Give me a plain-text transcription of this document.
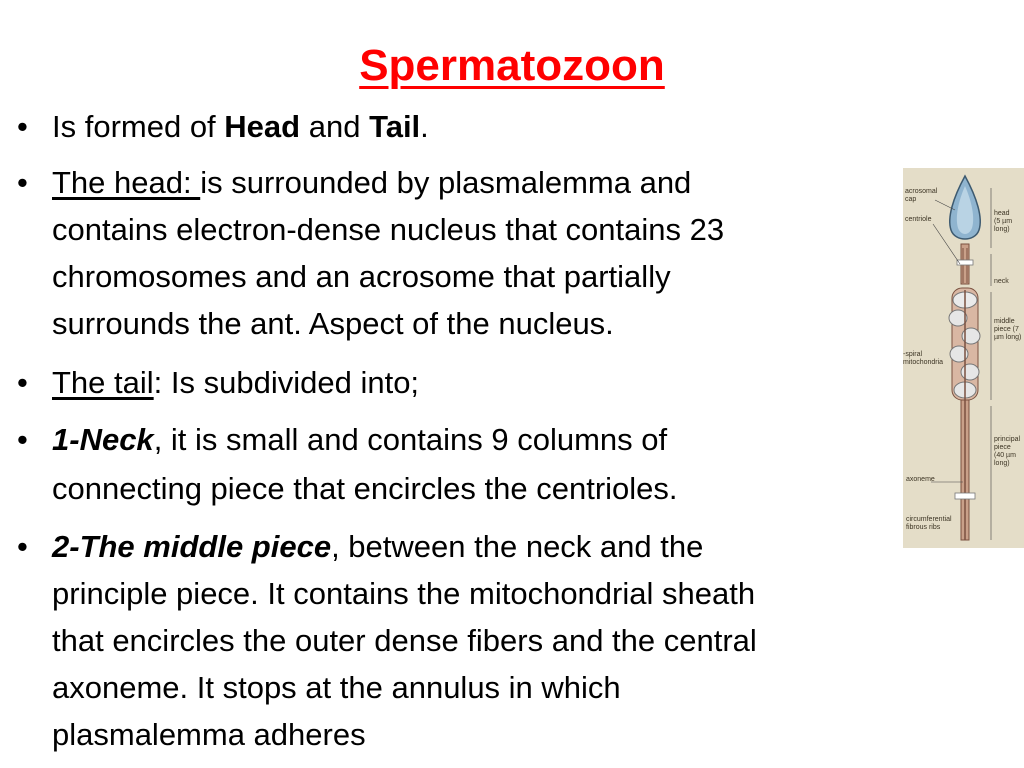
Spermatozoon
• Is formed of Head and Tail.
• The head: is surrounded by plasmalemma and
contains electron-dense nucleus that contains 23
chromosomes and an acrosome that partially
surrounds the ant. Aspect of the nucleus.
• The tail: Is subdivided into;
• 1-Neck, it is small and contains 9 columns of
connecting piece that encircles the centrioles.
• 2-The middle piece, between the neck and the
principle piece. It contains the mitochondrial sheath
that encircles the outer dense fibers and the central
axoneme. It stops at the annulus in which
plasmalemma adheres
acrosomal
cap
centriole
head
(5 µm
long)
neck
middle
piece (7
µm long)
-spiral
mitochondria
principal
piece
(40 µm
long)
axoneme
circumferential
fibrous ribs
